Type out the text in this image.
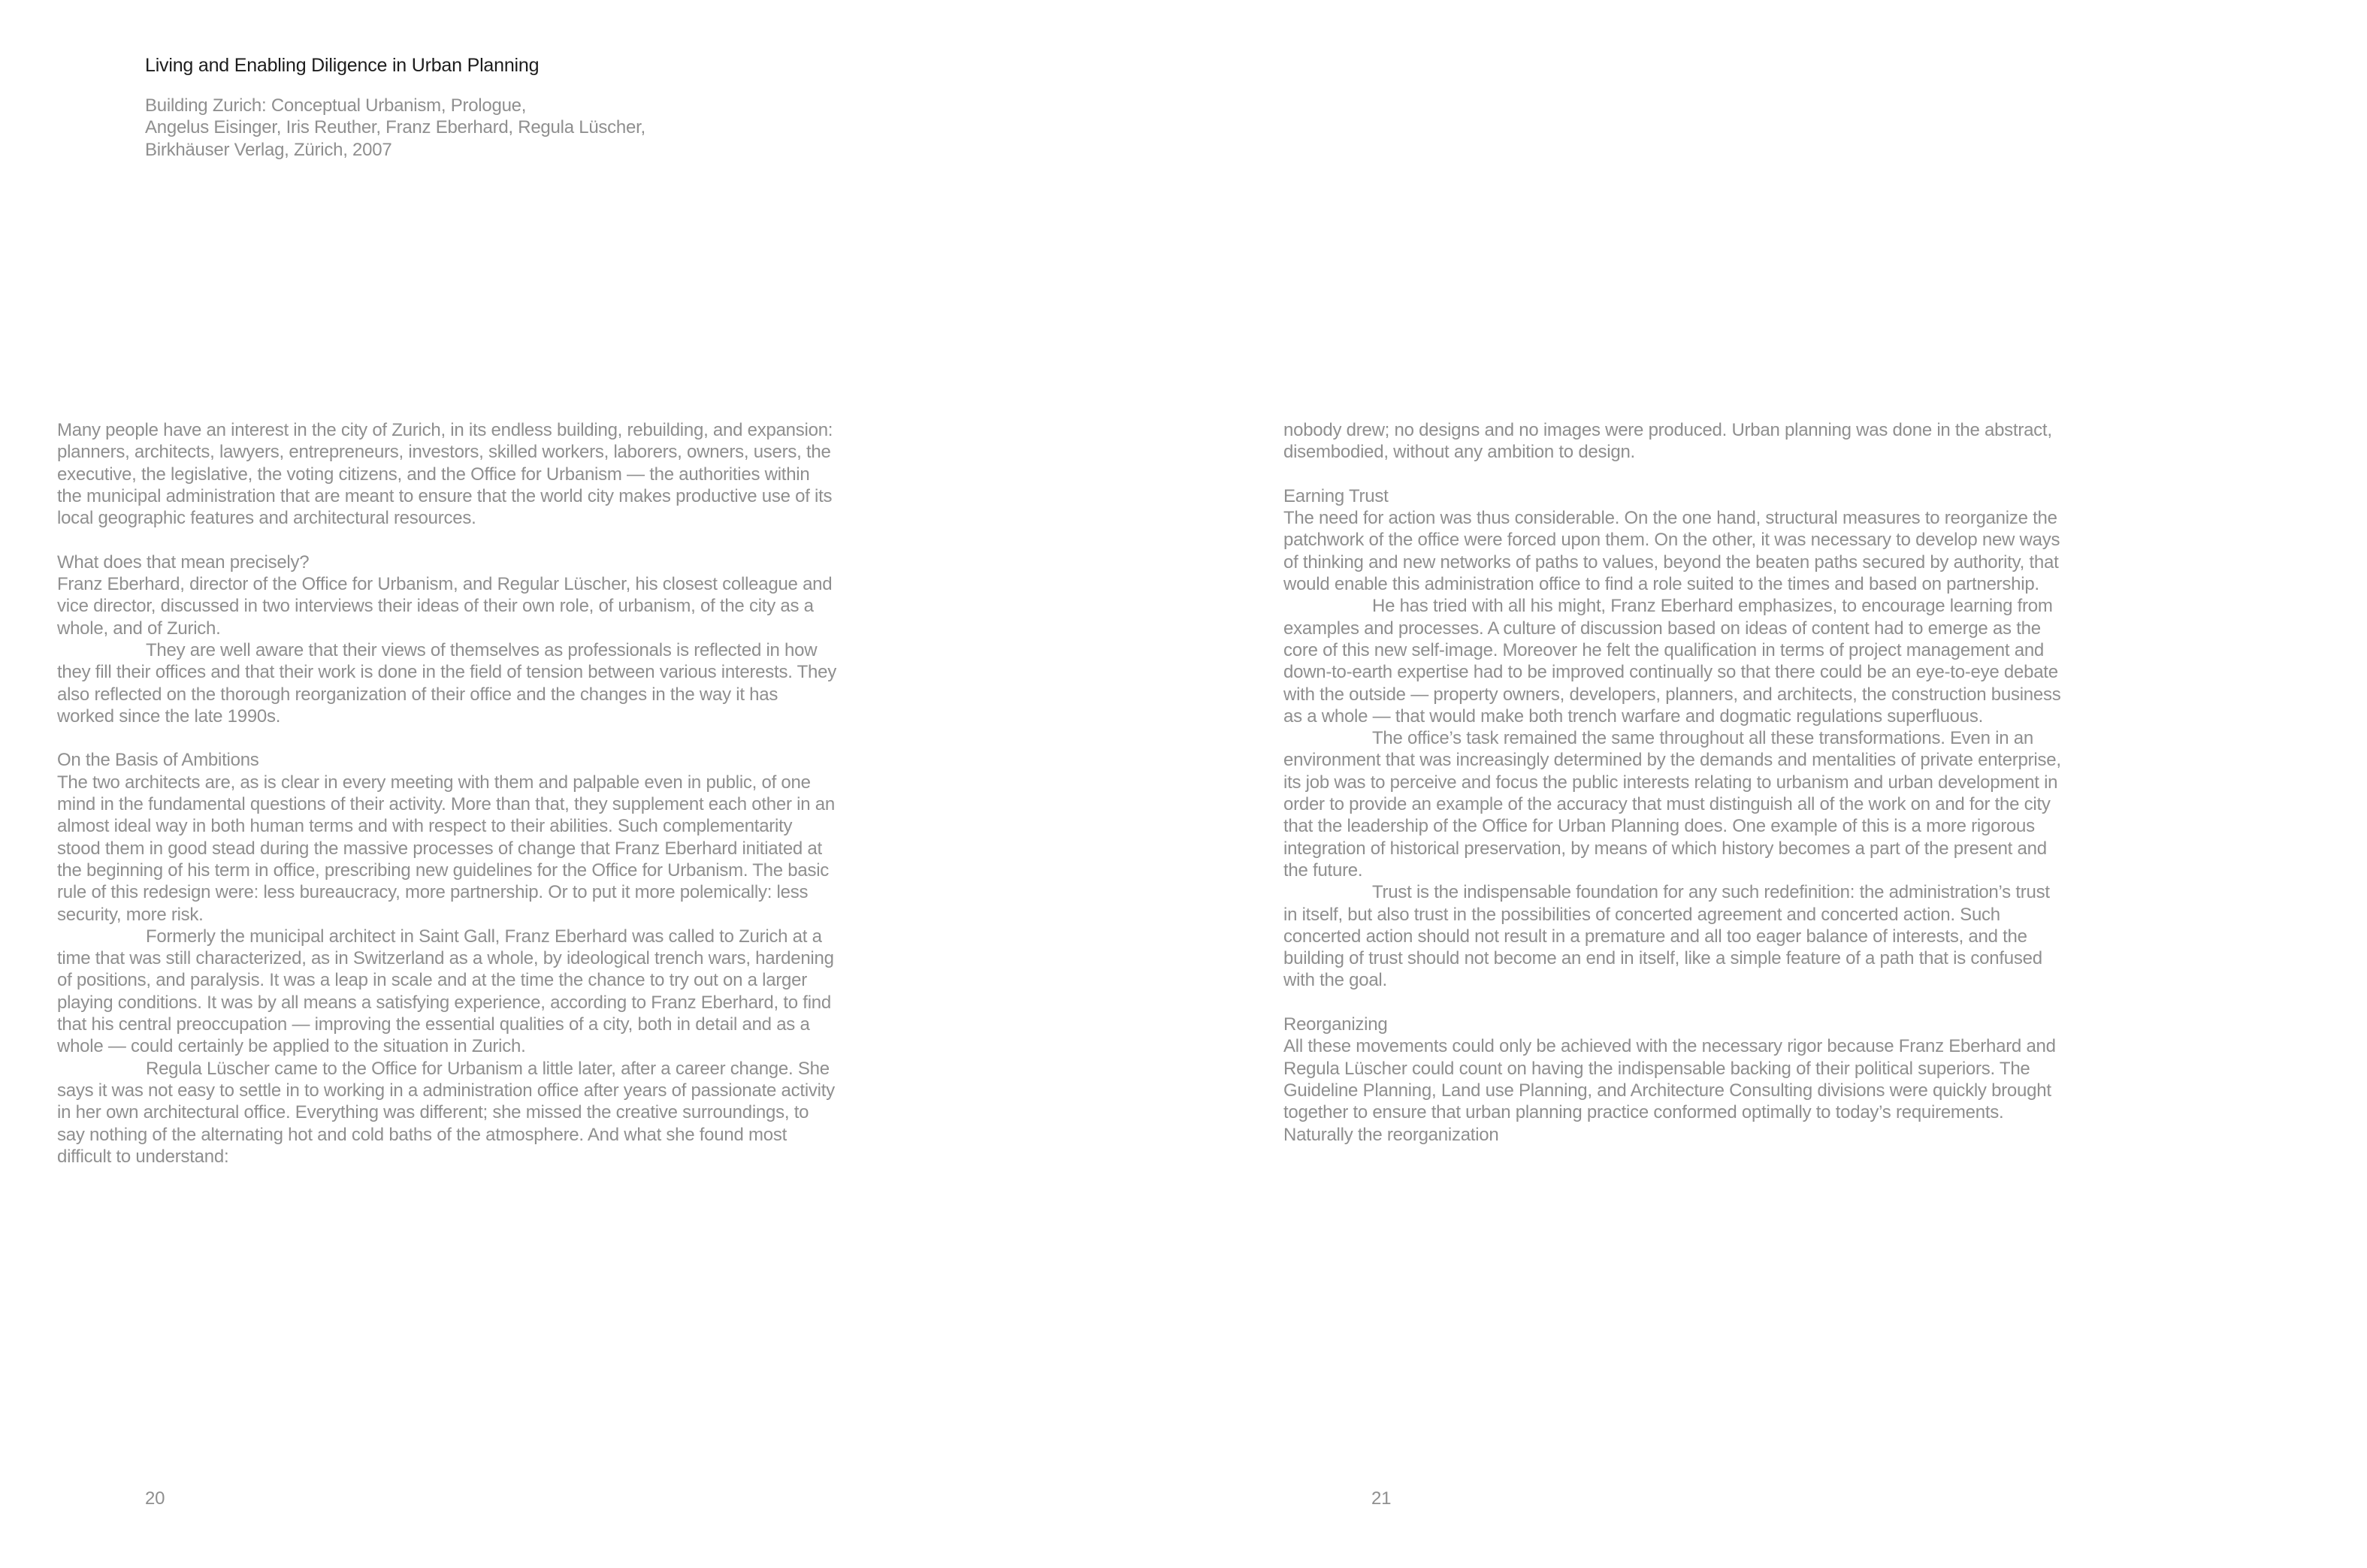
Living and Enabling Diligence in Urban Planning
Building Zurich: Conceptual Urbanism, Prologue,
Angelus Eisinger, Iris Reuther, Franz Eberhard, Regula Lüscher,
Birkhäuser Verlag, Zürich, 2007

Many people have an interest in the city of Zurich, in its endless building, rebuilding, and expansion: planners, architects, lawyers, entrepreneurs, investors, skilled workers, laborers, owners, users, the executive, the legislative, the voting citizens, and the Office for Urbanism — the authorities within the municipal administration that are meant to ensure that the world city makes productive use of its local geographic features and architectural resources.

What does that mean precisely?

Franz Eberhard, director of the Office for Urbanism, and Regular Lüscher, his closest colleague and vice director, discussed in two interviews their ideas of their own role, of urbanism, of the city as a whole, and of Zurich.

They are well aware that their views of themselves as professionals is reflected in how they fill their offices and that their work is done in the field of tension between various interests. They also reflected on the thorough reorganization of their office and the changes in the way it has worked since the late 1990s.

On the Basis of Ambitions

The two architects are, as is clear in every meeting with them and palpable even in public, of one mind in the fundamental questions of their activity. More than that, they supplement each other in an almost ideal way in both human terms and with respect to their abilities. Such complementarity stood them in good stead during the massive processes of change that Franz Eberhard initiated at the beginning of his term in office, prescribing new guidelines for the Office for Urbanism. The basic rule of this redesign were: less bureaucracy, more partnership. Or to put it more polemically: less security, more risk.

Formerly the municipal architect in Saint Gall, Franz Eberhard was called to Zurich at a time that was still characterized, as in Switzerland as a whole, by ideological trench wars, hardening of positions, and paralysis. It was a leap in scale and at the time the chance to try out on a larger playing conditions. It was by all means a satisfying experience, according to Franz Eberhard, to find that his central preoccupation — improving the essential qualities of a city, both in detail and as a whole — could certainly be applied to the situation in Zurich.

Regula Lüscher came to the Office for Urbanism a little later, after a career change. She says it was not easy to settle in to working in a administration office after years of passionate activity in her own architectural office. Everything was different; she missed the creative surroundings, to say nothing of the alternating hot and cold baths of the atmosphere. And what she found most difficult to understand:

nobody drew; no designs and no images were produced. Urban planning was done in the abstract, disembodied, without any ambition to design.

Earning Trust

The need for action was thus considerable. On the one hand, structural measures to reorganize the patchwork of the office were forced upon them. On the other, it was necessary to develop new ways of thinking and new networks of paths to values, beyond the beaten paths secured by authority, that would enable this administration office to find a role suited to the times and based on partnership.

He has tried with all his might, Franz Eberhard emphasizes, to encourage learning from examples and processes. A culture of discussion based on ideas of content had to emerge as the core of this new self-image. Moreover he felt the qualification in terms of project management and down-to-earth expertise had to be improved continually so that there could be an eye-to-eye debate with the outside — property owners, developers, planners, and architects, the construction business as a whole — that would make both trench warfare and dogmatic regulations superfluous.

The office’s task remained the same throughout all these transformations. Even in an environment that was increasingly determined by the demands and mentalities of private enterprise, its job was to perceive and focus the public interests relating to urbanism and urban development in order to provide an example of the accuracy that must distinguish all of the work on and for the city that the leadership of the Office for Urban Planning does. One example of this is a more rigorous integration of historical preservation, by means of which history becomes a part of the present and the future.

Trust is the indispensable foundation for any such redefinition: the administration’s trust in itself, but also trust in the possibilities of concerted agreement and concerted action. Such concerted action should not result in a premature and all too eager balance of interests, and the building of trust should not become an end in itself, like a simple feature of a path that is confused with the goal.

Reorganizing

All these movements could only be achieved with the necessary rigor because Franz Eberhard and Regula Lüscher could count on having the indispensable backing of their political superiors. The Guideline Planning, Land use Planning, and Architecture Consulting divisions were quickly brought together to ensure that urban planning practice conformed optimally to today’s requirements. Naturally the reorganization

20	21
